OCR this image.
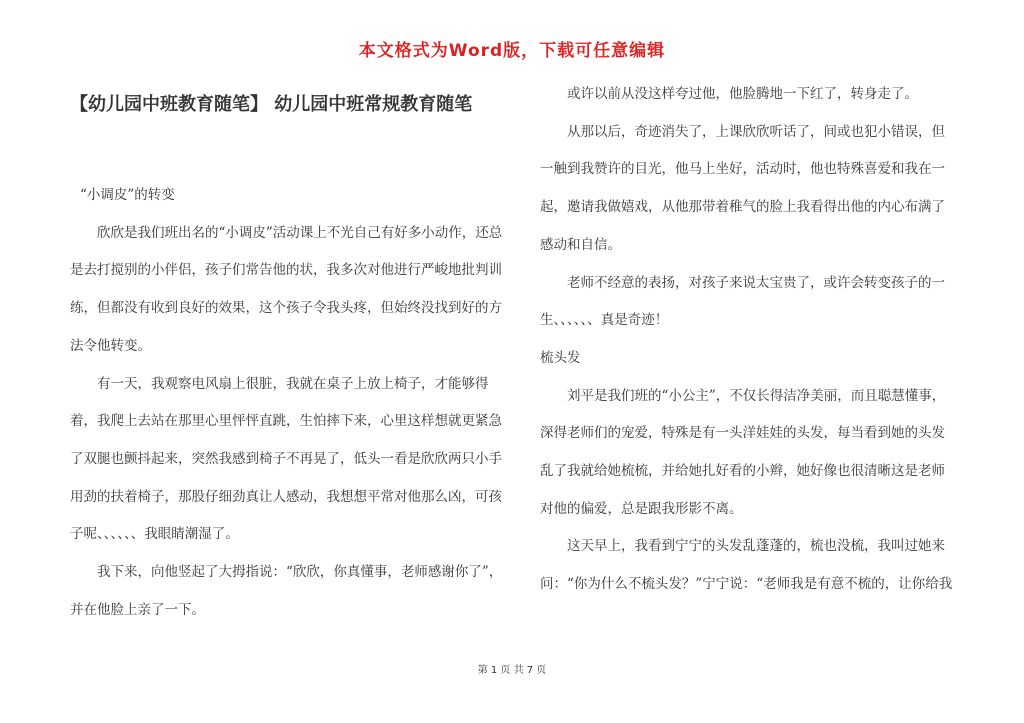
本文格式为Word版，下载可任意编辑
【幼儿园中班教育随笔】 幼儿园中班常规教育随笔

“小调皮”的转变

欣欣是我们班出名的“小调皮”活动课上不光自己有好多小动作，还总是去打搅别的小伴侣，孩子们常告他的状，我多次对他进行严峻地批判训练，但都没有收到良好的效果，这个孩子令我头疼，但始终没找到好的方法令他转变。

有一天，我观察电风扇上很脏，我就在桌子上放上椅子，才能够得着，我爬上去站在那里心里怦怦直跳，生怕摔下来，心里这样想就更紧急了双腿也颤抖起来，突然我感到椅子不再晃了，低头一看是欣欣两只小手用劲的扶着椅子，那股仔细劲真让人感动，我想想平常对他那么凶，可孩子呢、、、、、、我眼睛潮湿了。

我下来，向他竖起了大拇指说：“欣欣，你真懂事，老师感谢你了”，并在他脸上亲了一下。

或许以前从没这样夸过他，他脸腾地一下红了，转身走了。

从那以后，奇迹消失了，上课欣欣听话了，间或也犯小错误，但一触到我赞许的目光，他马上坐好，活动时，他也特殊喜爱和我在一起，邀请我做嬉戏，从他那带着稚气的脸上我看得出他的内心布满了感动和自信。

老师不经意的表扬，对孩子来说太宝贵了，或许会转变孩子的一生、、、、、、真是奇迹！

梳头发

刘平是我们班的“小公主”，不仅长得洁净美丽，而且聪慧懂事，深得老师们的宠爱，特殊是有一头洋娃娃的头发，每当看到她的头发乱了我就给她梳梳，并给她扎好看的小辫，她好像也很清晰这是老师对他的偏爱，总是跟我形影不离。

这天早上，我看到宁宁的头发乱蓬蓬的，梳也没梳，我叫过她来问：“你为什么不梳头发？”宁宁说：“老师我是有意不梳的，让你给我

第 1 页 共 7 页
